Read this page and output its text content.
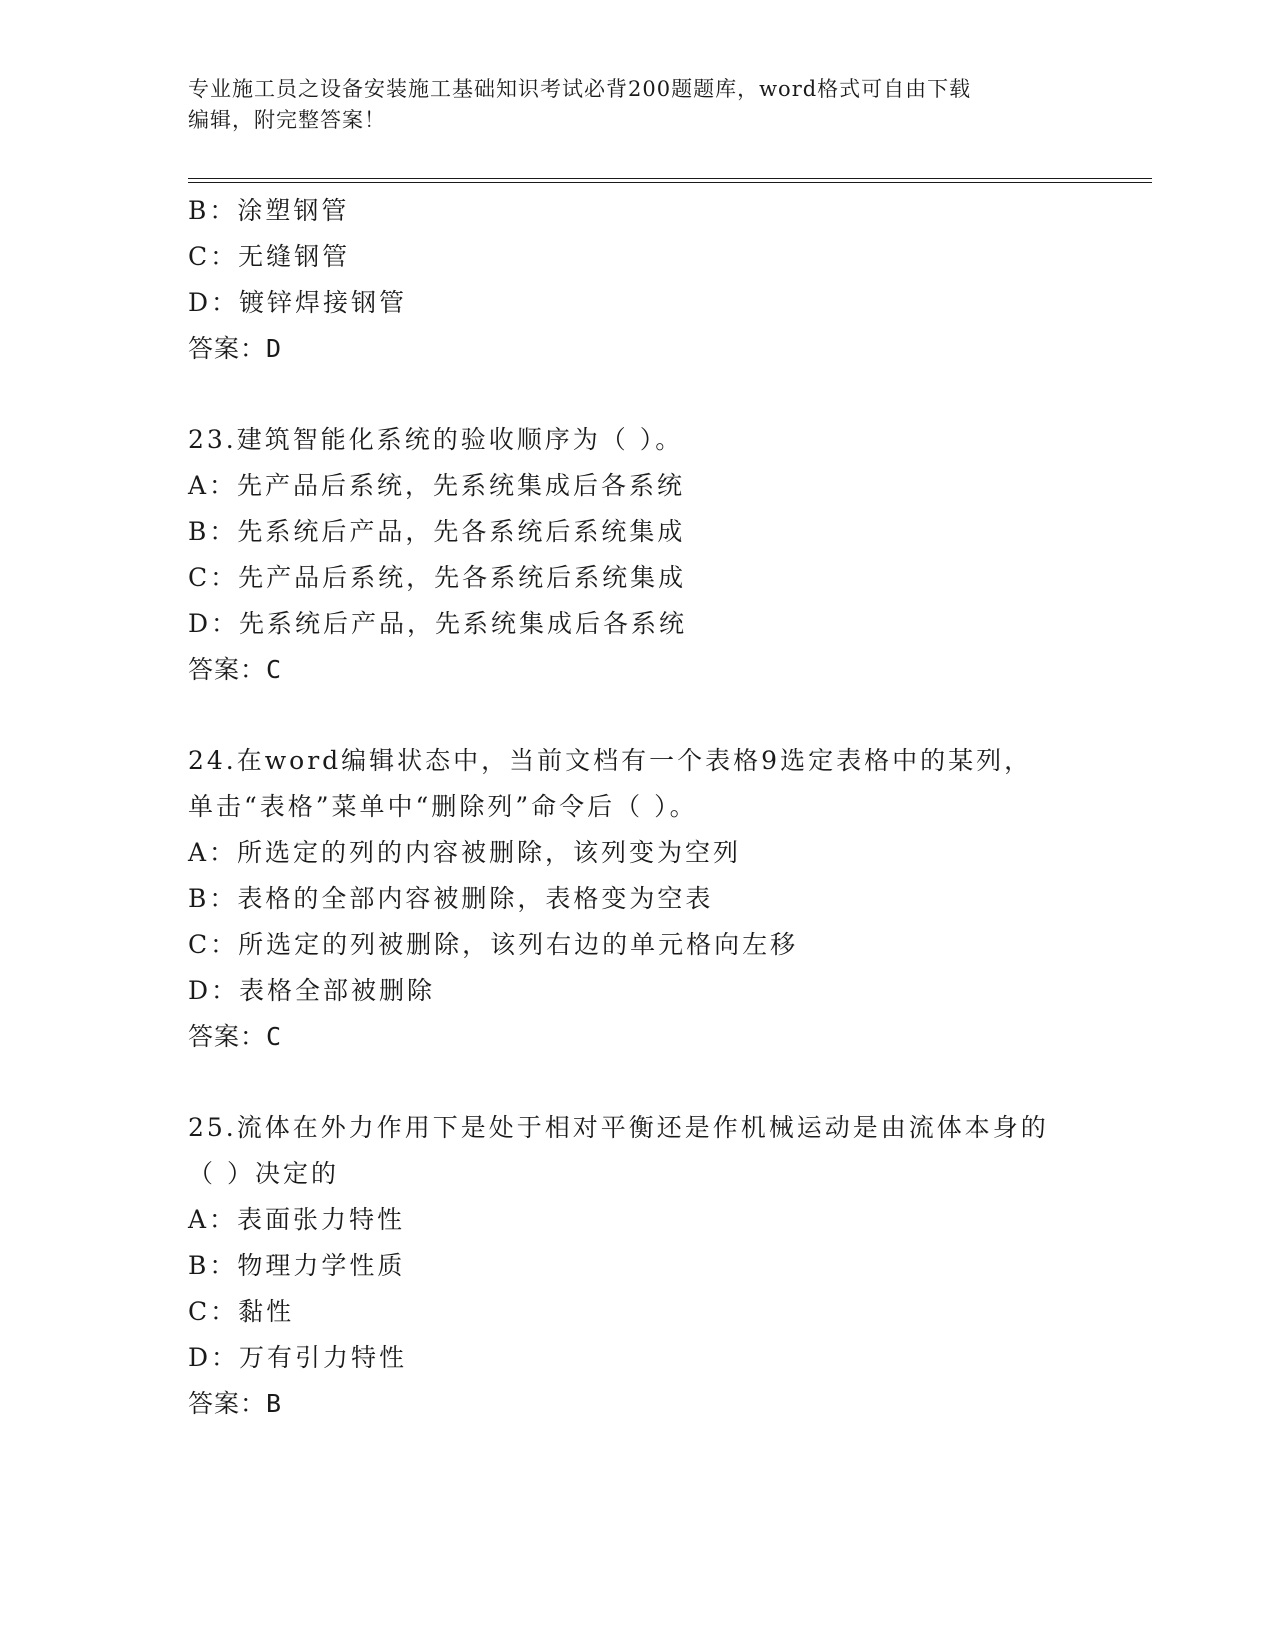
专业施工员之设备安装施工基础知识考试必背200题题库，word格式可自由下载
编辑，附完整答案！
B：涂塑钢管
C：无缝钢管
D：镀锌焊接钢管
答案：D
23.建筑智能化系统的验收顺序为（ ）。
A：先产品后系统，先系统集成后各系统
B：先系统后产品，先各系统后系统集成
C：先产品后系统，先各系统后系统集成
D：先系统后产品，先系统集成后各系统
答案：C
24.在word编辑状态中，当前文档有一个表格9选定表格中的某列，
单击“表格”菜单中“删除列”命令后（ ）。
A：所选定的列的内容被删除，该列变为空列
B：表格的全部内容被删除，表格变为空表
C：所选定的列被删除，该列右边的单元格向左移
D：表格全部被删除
答案：C
25.流体在外力作用下是处于相对平衡还是作机械运动是由流体本身的
（ ）决定的
A：表面张力特性
B：物理力学性质
C：黏性
D：万有引力特性
答案：B
